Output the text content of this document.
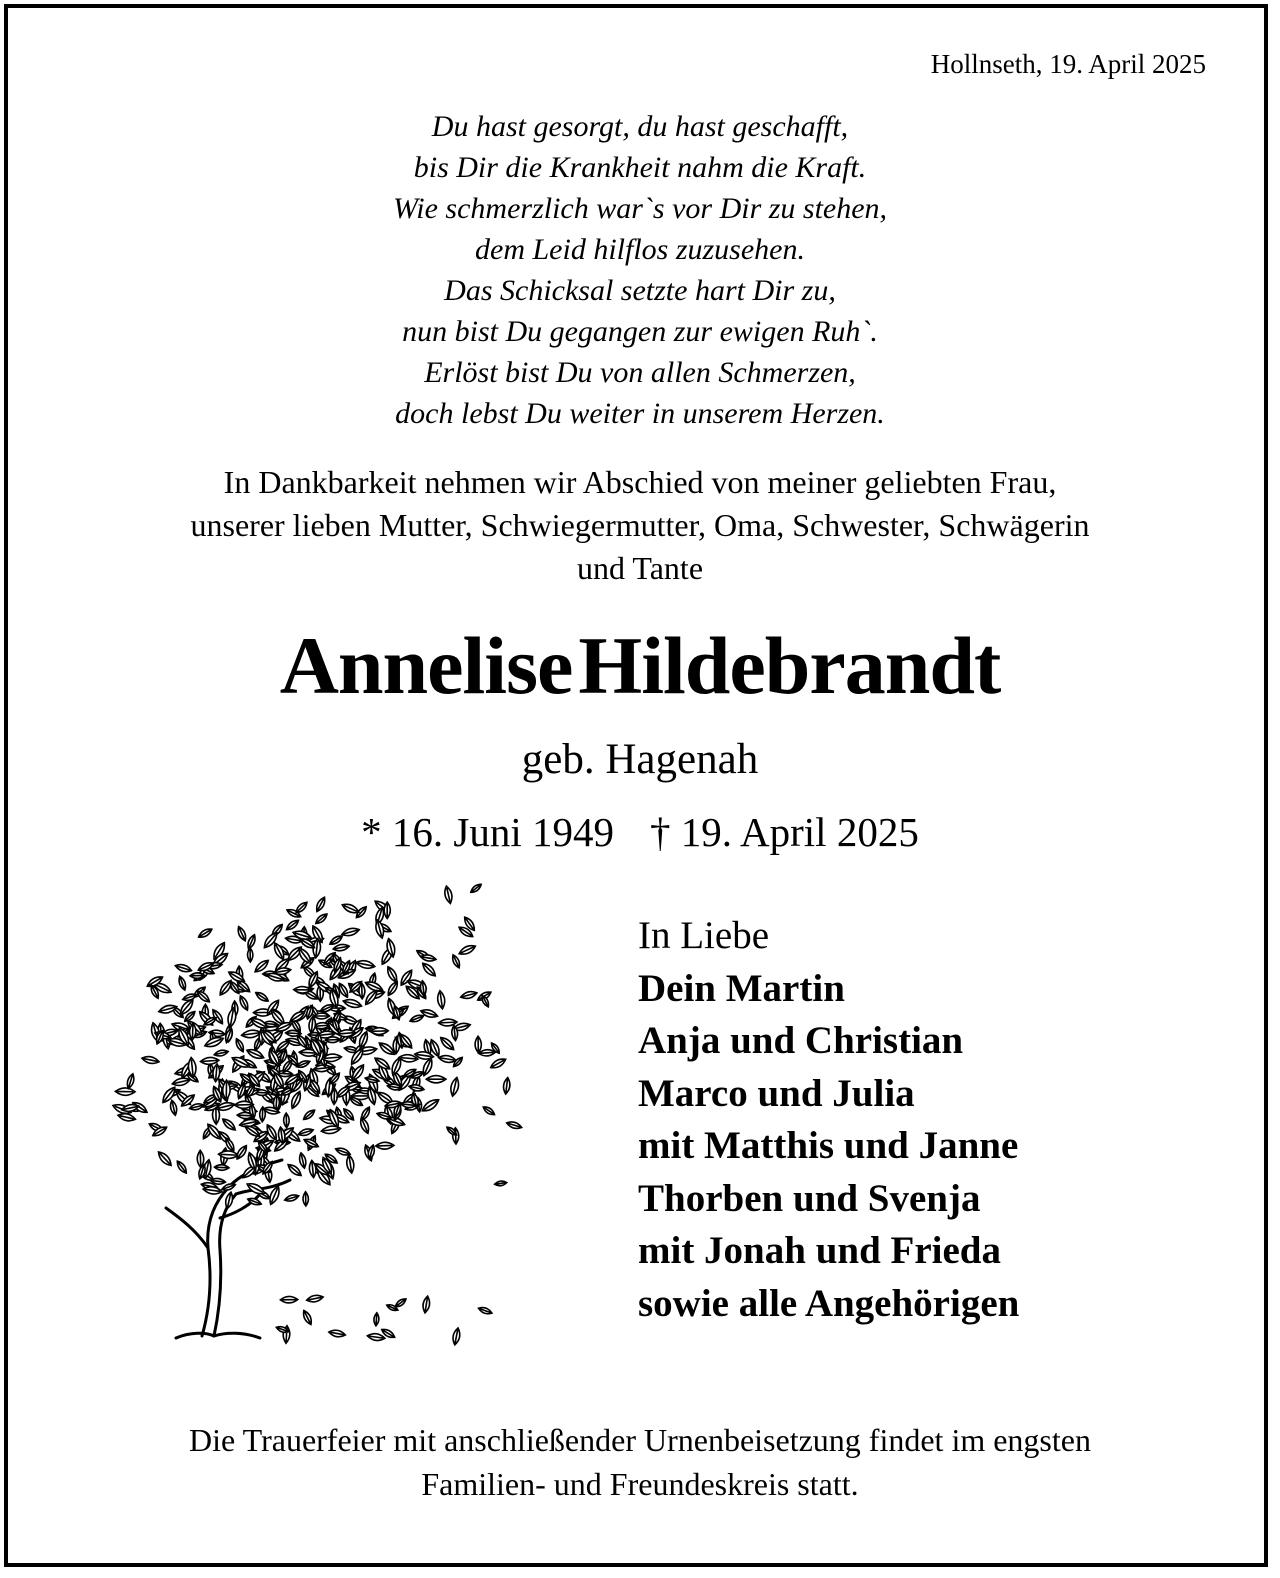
Hollnseth, 19. April 2025
Du hast gesorgt, du hast geschafft,
bis Dir die Krankheit nahm die Kraft.
Wie schmerzlich war`s vor Dir zu stehen,
dem Leid hilflos zuzusehen.
Das Schicksal setzte hart Dir zu,
nun bist Du gegangen zur ewigen Ruh`.
Erlöst bist Du von allen Schmerzen,
doch lebst Du weiter in unserem Herzen.
In Dankbarkeit nehmen wir Abschied von meiner geliebten Frau,
unserer lieben Mutter, Schwiegermutter, Oma, Schwester, Schwägerin
und Tante
AnneliseHildebrandt
geb. Hagenah
* 16. Juni 1949 † 19. April 2025
In Liebe
Dein Martin
Anja und Christian
Marco und Julia
mit Matthis und Janne
Thorben und Svenja
mit Jonah und Frieda
sowie alle Angehörigen
Die Trauerfeier mit anschließender Urnenbeisetzung findet im engsten
Familien- und Freundeskreis statt.
